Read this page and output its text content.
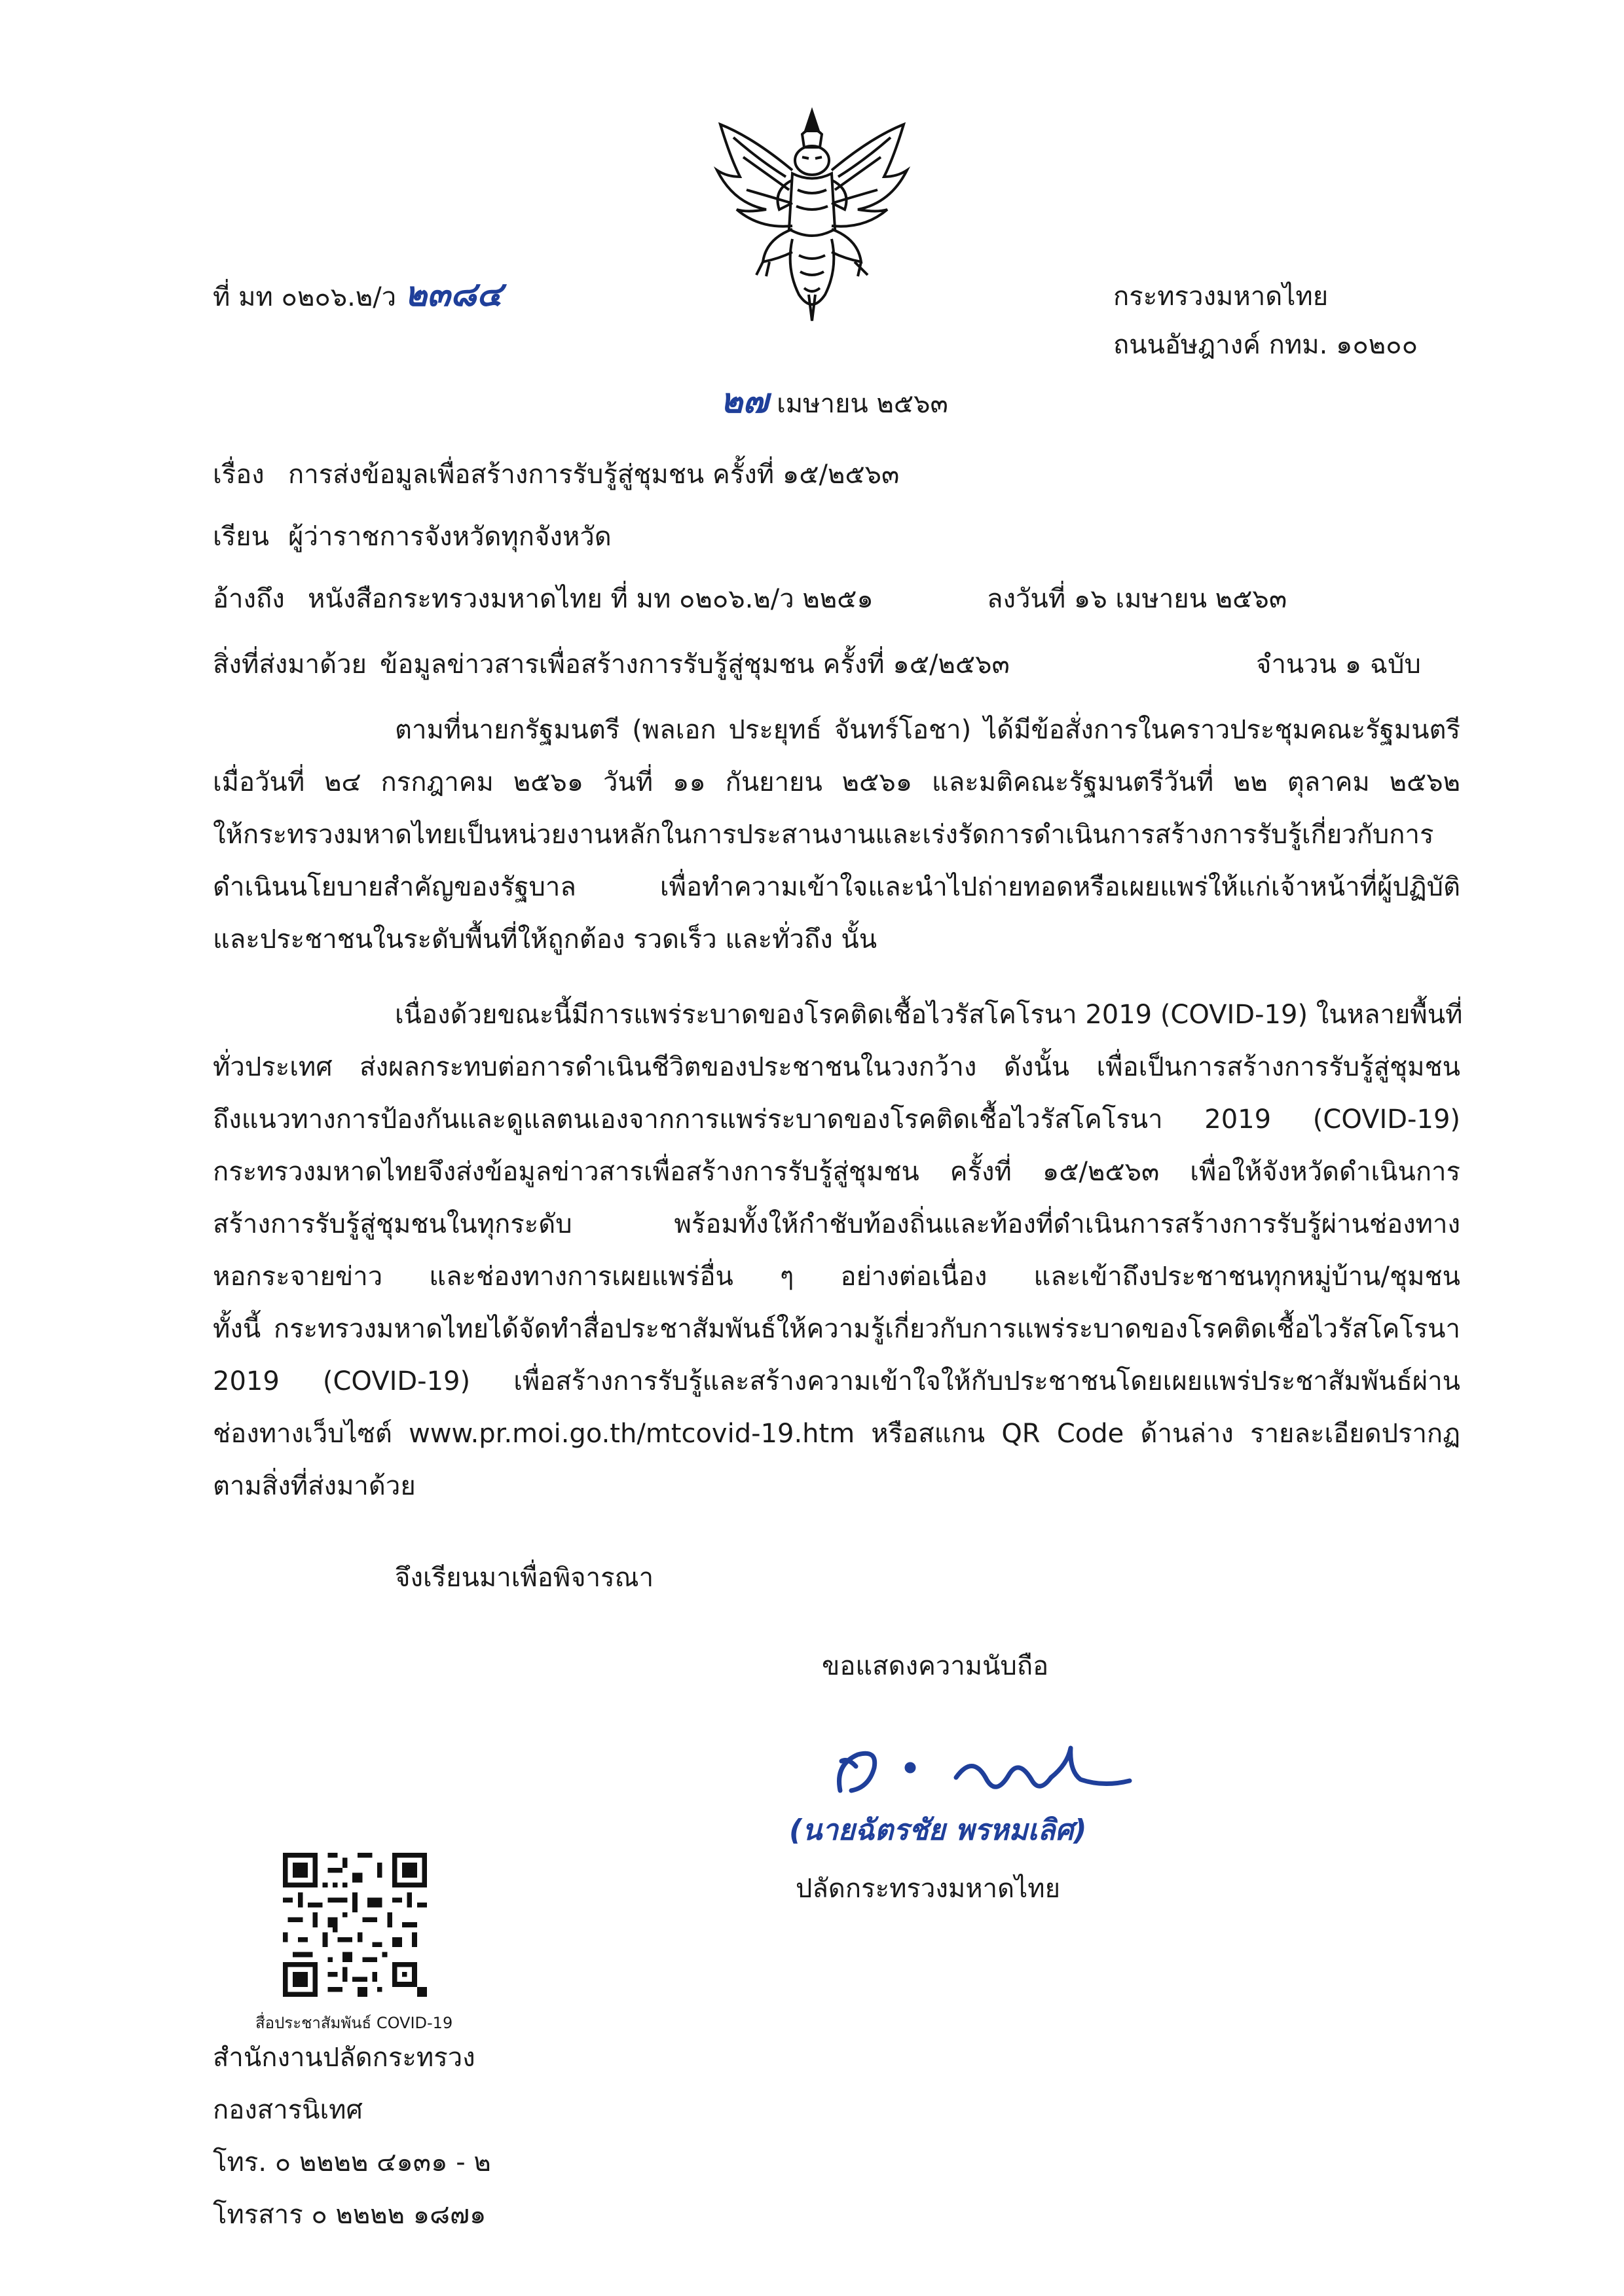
ที่ มท ๐๒๐๖.๒/ว ๒๓๘๔	กระทรวงมหาดไทย
ถนนอัษฎางค์ กทม. ๑๐๒๐๐
๒๗ เมษายน ๒๕๖๓
เรื่อง การส่งข้อมูลเพื่อสร้างการรับรู้สู่ชุมชน ครั้งที่ ๑๕/๒๕๖๓
เรียน ผู้ว่าราชการจังหวัดทุกจังหวัด
อ้างถึง หนังสือกระทรวงมหาดไทย ที่ มท ๐๒๐๖.๒/ว ๒๒๕๑	ลงวันที่ ๑๖ เมษายน ๒๕๖๓
สิ่งที่ส่งมาด้วย ข้อมูลข่าวสารเพื่อสร้างการรับรู้สู่ชุมชน ครั้งที่ ๑๕/๒๕๖๓	จำนวน ๑ ฉบับ
ตามที่นายกรัฐมนตรี (พลเอก ประยุทธ์ จันทร์โอชา) ได้มีข้อสั่งการในคราวประชุมคณะรัฐมนตรี
เมื่อวันที่ ๒๔ กรกฎาคม ๒๕๖๑ วันที่ ๑๑ กันยายน ๒๕๖๑ และมติคณะรัฐมนตรีวันที่ ๒๒ ตุลาคม ๒๕๖๒
ให้กระทรวงมหาดไทยเป็นหน่วยงานหลักในการประสานงานและเร่งรัดการดำเนินการสร้างการรับรู้เกี่ยวกับการ
ดำเนินนโยบายสำคัญของรัฐบาล เพื่อทำความเข้าใจและนำไปถ่ายทอดหรือเผยแพร่ให้แก่เจ้าหน้าที่ผู้ปฏิบัติ
และประชาชนในระดับพื้นที่ให้ถูกต้อง รวดเร็ว และทั่วถึง นั้น
เนื่องด้วยขณะนี้มีการแพร่ระบาดของโรคติดเชื้อไวรัสโคโรนา 2019 (COVID-19) ในหลายพื้นที่
ทั่วประเทศ ส่งผลกระทบต่อการดำเนินชีวิตของประชาชนในวงกว้าง ดังนั้น เพื่อเป็นการสร้างการรับรู้สู่ชุมชน
ถึงแนวทางการป้องกันและดูแลตนเองจากการแพร่ระบาดของโรคติดเชื้อไวรัสโคโรนา 2019 (COVID-19)
กระทรวงมหาดไทยจึงส่งข้อมูลข่าวสารเพื่อสร้างการรับรู้สู่ชุมชน ครั้งที่ ๑๕/๒๕๖๓ เพื่อให้จังหวัดดำเนินการ
สร้างการรับรู้สู่ชุมชนในทุกระดับ พร้อมทั้งให้กำชับท้องถิ่นและท้องที่ดำเนินการสร้างการรับรู้ผ่านช่องทาง
หอกระจายข่าว และช่องทางการเผยแพร่อื่น ๆ อย่างต่อเนื่อง และเข้าถึงประชาชนทุกหมู่บ้าน/ชุมชน
ทั้งนี้ กระทรวงมหาดไทยได้จัดทำสื่อประชาสัมพันธ์ให้ความรู้เกี่ยวกับการแพร่ระบาดของโรคติดเชื้อไวรัสโคโรนา
2019 (COVID-19) เพื่อสร้างการรับรู้และสร้างความเข้าใจให้กับประชาชนโดยเผยแพร่ประชาสัมพันธ์ผ่าน
ช่องทางเว็บไซต์ www.pr.moi.go.th/mtcovid-19.htm หรือสแกน QR Code ด้านล่าง รายละเอียดปรากฏ
ตามสิ่งที่ส่งมาด้วย
จึงเรียนมาเพื่อพิจารณา
ขอแสดงความนับถือ
(นายฉัตรชัย พรหมเลิศ)
ปลัดกระทรวงมหาดไทย
สื่อประชาสัมพันธ์ COVID-19
สำนักงานปลัดกระทรวง
กองสารนิเทศ
โทร. ๐ ๒๒๒๒ ๔๑๓๑ - ๒
โทรสาร ๐ ๒๒๒๒ ๑๘๗๑
